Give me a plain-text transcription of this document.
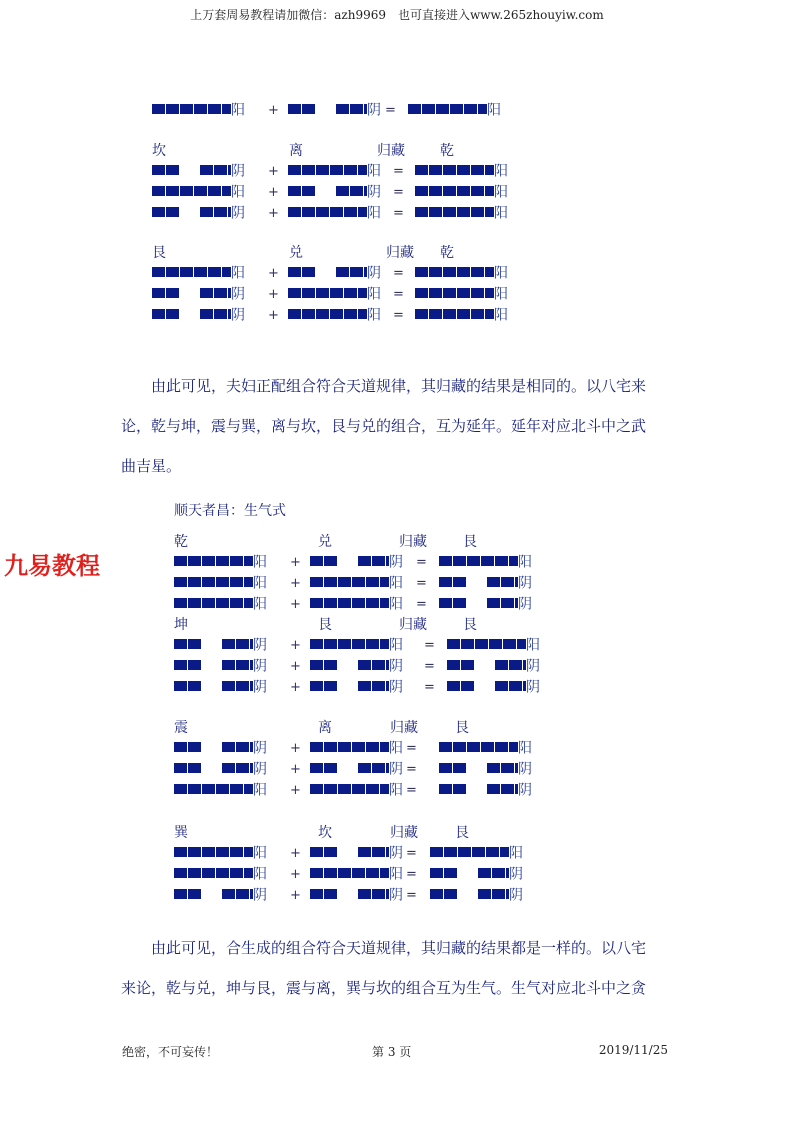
上万套周易教程请加微信：azh9969　也可直接进入www.265zhouyiw.com
九易教程
阳 +	阴 =	阳
坎	离	归藏	乾
阴 +	阳 =	阳
阳 +	阴 =	阳
阴 +	阳 =	阳
艮	兑	归藏 乾
阳 +	阴 =	阳
阴 +	阳 =	阳
阴 +	阳 =	阳
乾	兑	归藏	艮
阳 +	阴 =	阳
阳 +	阳 =	阴
阳 +	阳 =	阴
坤	艮	归藏	艮
阴 +	阳 =	阳
阴 +	阴 =	阴
阴 +	阴 =	阴
震	离	归藏	艮
阴 +	阳 =	阳
阴 +	阴 =	阴
阳 +	阳 =	阴
巽	坎	归藏	艮
阳 +	阴 =	阳
阳 +	阳 =	阴
阴 +	阴 =	阴
由此可见，夫妇正配组合符合天道规律，其归藏的结果是相同的。以八宅来
论，乾与坤，震与巽，离与坎，艮与兑的组合，互为延年。延年对应北斗中之武
曲吉星。
顺天者昌：生气式
由此可见，合生成的组合符合天道规律，其归藏的结果都是一样的。以八宅
来论，乾与兑，坤与艮，震与离，巽与坎的组合互为生气。生气对应北斗中之贪
绝密，不可妄传！	第 3 页	2019/11/25
